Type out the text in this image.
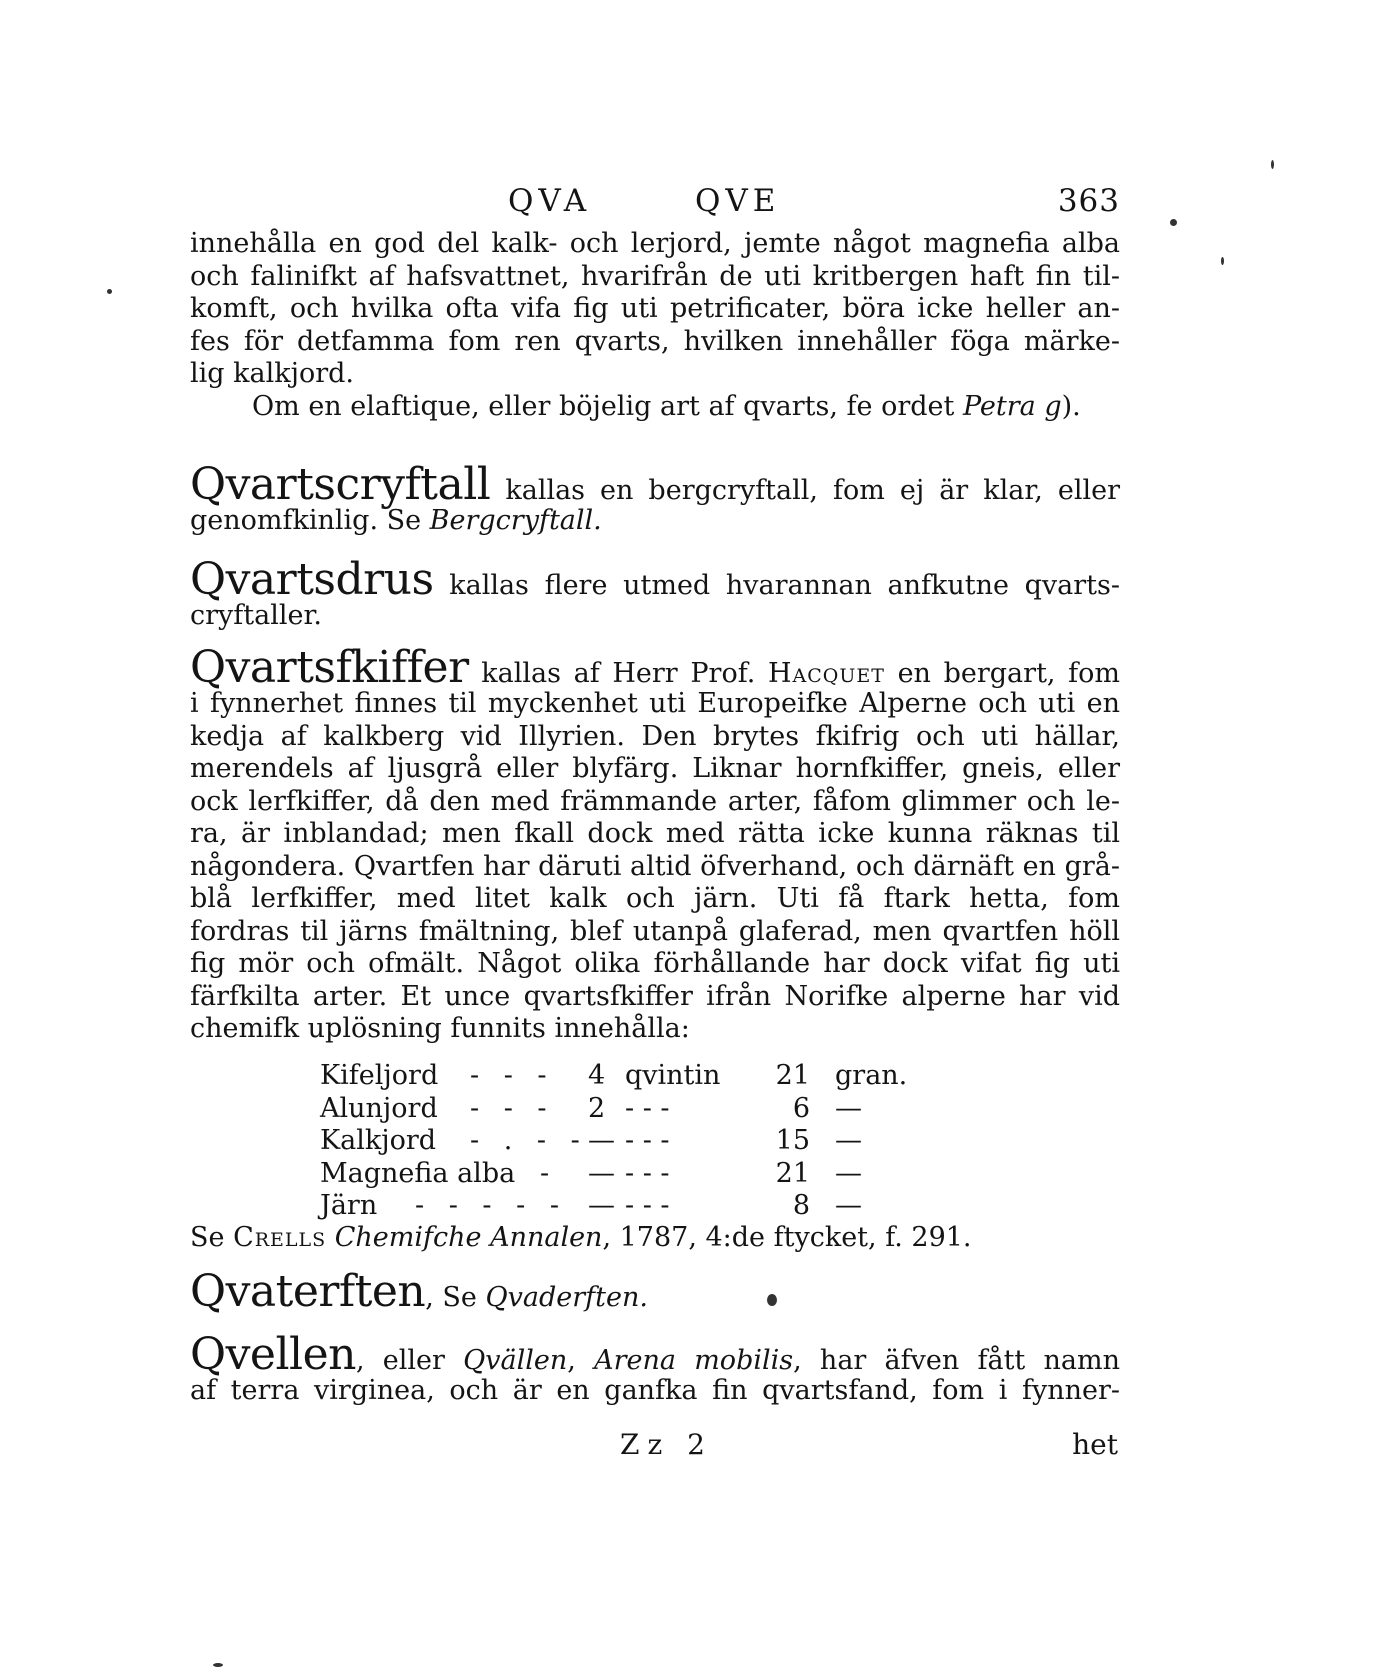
QVA	QVE	363
innehålla en god del kalk- och lerjord, jemte något magnefia alba
och falinifkt af hafsvattnet, hvarifrån de uti kritbergen haft fin til-
komft, och hvilka ofta vifa fig uti petrificater, böra icke heller an-
fes för detfamma fom ren qvarts, hvilken innehåller föga märke-
lig kalkjord.
Om en elaftique, eller böjelig art af qvarts, fe ordet Petra g).
Qvartscryftall kallas en bergcryftall, fom ej är klar, eller
genomfkinlig. Se Bergcryftall.
Qvartsdrus kallas flere utmed hvarannan anfkutne qvarts-
cryftaller.
Qvartsfkiffer kallas af Herr Prof. Hacquet en bergart, fom
i fynnerhet finnes til myckenhet uti Europeifke Alperne och uti en
kedja af kalkberg vid Illyrien. Den brytes fkifrig och uti hällar,
merendels af ljusgrå eller blyfärg. Liknar hornfkiffer, gneis, eller
ock lerfkiffer, då den med främmande arter, fåfom glimmer och le-
ra, är inblandad; men fkall dock med rätta icke kunna räknas til
någondera. Qvartfen har däruti altid öfverhand, och därnäft en grå-
blå lerfkiffer, med litet kalk och järn. Uti få ftark hetta, fom
fordras til järns fmältning, blef utanpå glaferad, men qvartfen höll
fig mör och ofmält. Något olika förhållande har dock vifat fig uti
färfkilta arter. Et unce qvartsfkiffer ifrån Norifke alperne har vid
chemifk uplösning funnits innehålla:
Kifeljord - - - 4 qvintin 21 gran.
Alunjord - - - 2 - - -	6 —
Kalkjord - . - - — - - -	15 —
Magnefia alba - — - - -	21 —
Järn - - - - - — - - -	8 —
Se Crells Chemifche Annalen, 1787, 4:de ftycket, f. 291.
Qvaterften, Se Qvaderften.
Qvellen, eller Qvällen, Arena mobilis, har äfven fått namn
af terra virginea, och är en ganfka fin qvartsfand, fom i fynner-
Zz 2	het
